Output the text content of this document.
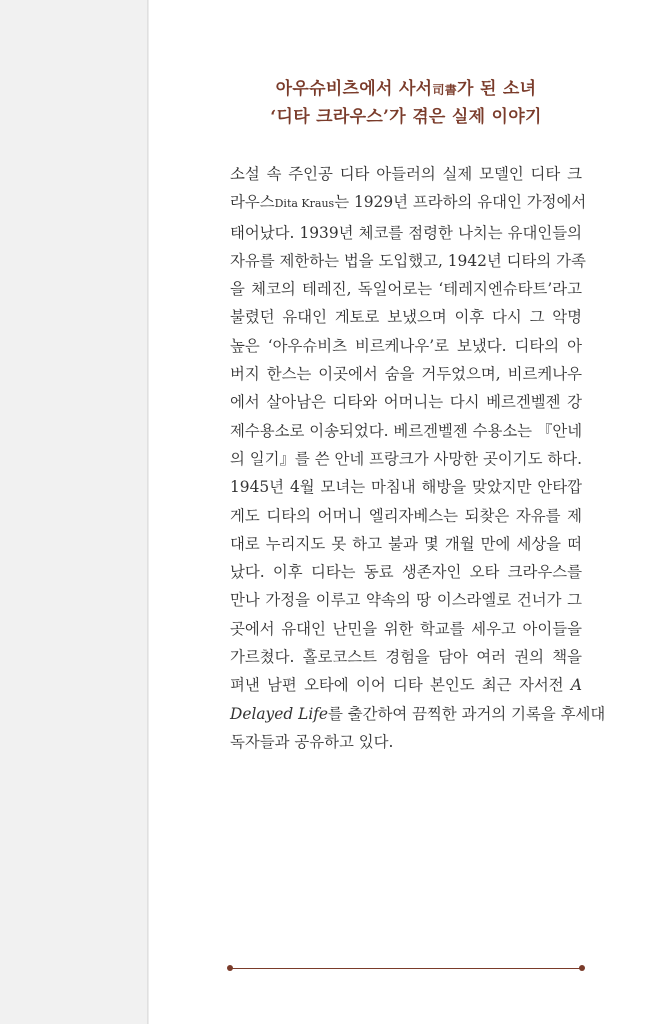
아우슈비츠에서 사서司書가 된 소녀
‘디타 크라우스’가 겪은 실제 이야기
소설 속 주인공 디타 아들러의 실제 모델인 디타 크
라우스Dita Kraus는 1929년 프라하의 유대인 가정에서
태어났다. 1939년 체코를 점령한 나치는 유대인들의
자유를 제한하는 법을 도입했고, 1942년 디타의 가족
을 체코의 테레진, 독일어로는 ‘테레지엔슈타트’라고
불렸던 유대인 게토로 보냈으며 이후 다시 그 악명
높은 ‘아우슈비츠 비르케나우’로 보냈다. 디타의 아
버지 한스는 이곳에서 숨을 거두었으며, 비르케나우
에서 살아남은 디타와 어머니는 다시 베르겐벨젠 강
제수용소로 이송되었다. 베르겐벨젠 수용소는 『안네
의 일기』를 쓴 안네 프랑크가 사망한 곳이기도 하다.
1945년 4월 모녀는 마침내 해방을 맞았지만 안타깝
게도 디타의 어머니 엘리자베스는 되찾은 자유를 제
대로 누리지도 못 하고 불과 몇 개월 만에 세상을 떠
났다. 이후 디타는 동료 생존자인 오타 크라우스를
만나 가정을 이루고 약속의 땅 이스라엘로 건너가 그
곳에서 유대인 난민을 위한 학교를 세우고 아이들을
가르쳤다. 홀로코스트 경험을 담아 여러 권의 책을
펴낸 남편 오타에 이어 디타 본인도 최근 자서전 A
Delayed Life를 출간하여 끔찍한 과거의 기록을 후세대
독자들과 공유하고 있다.
